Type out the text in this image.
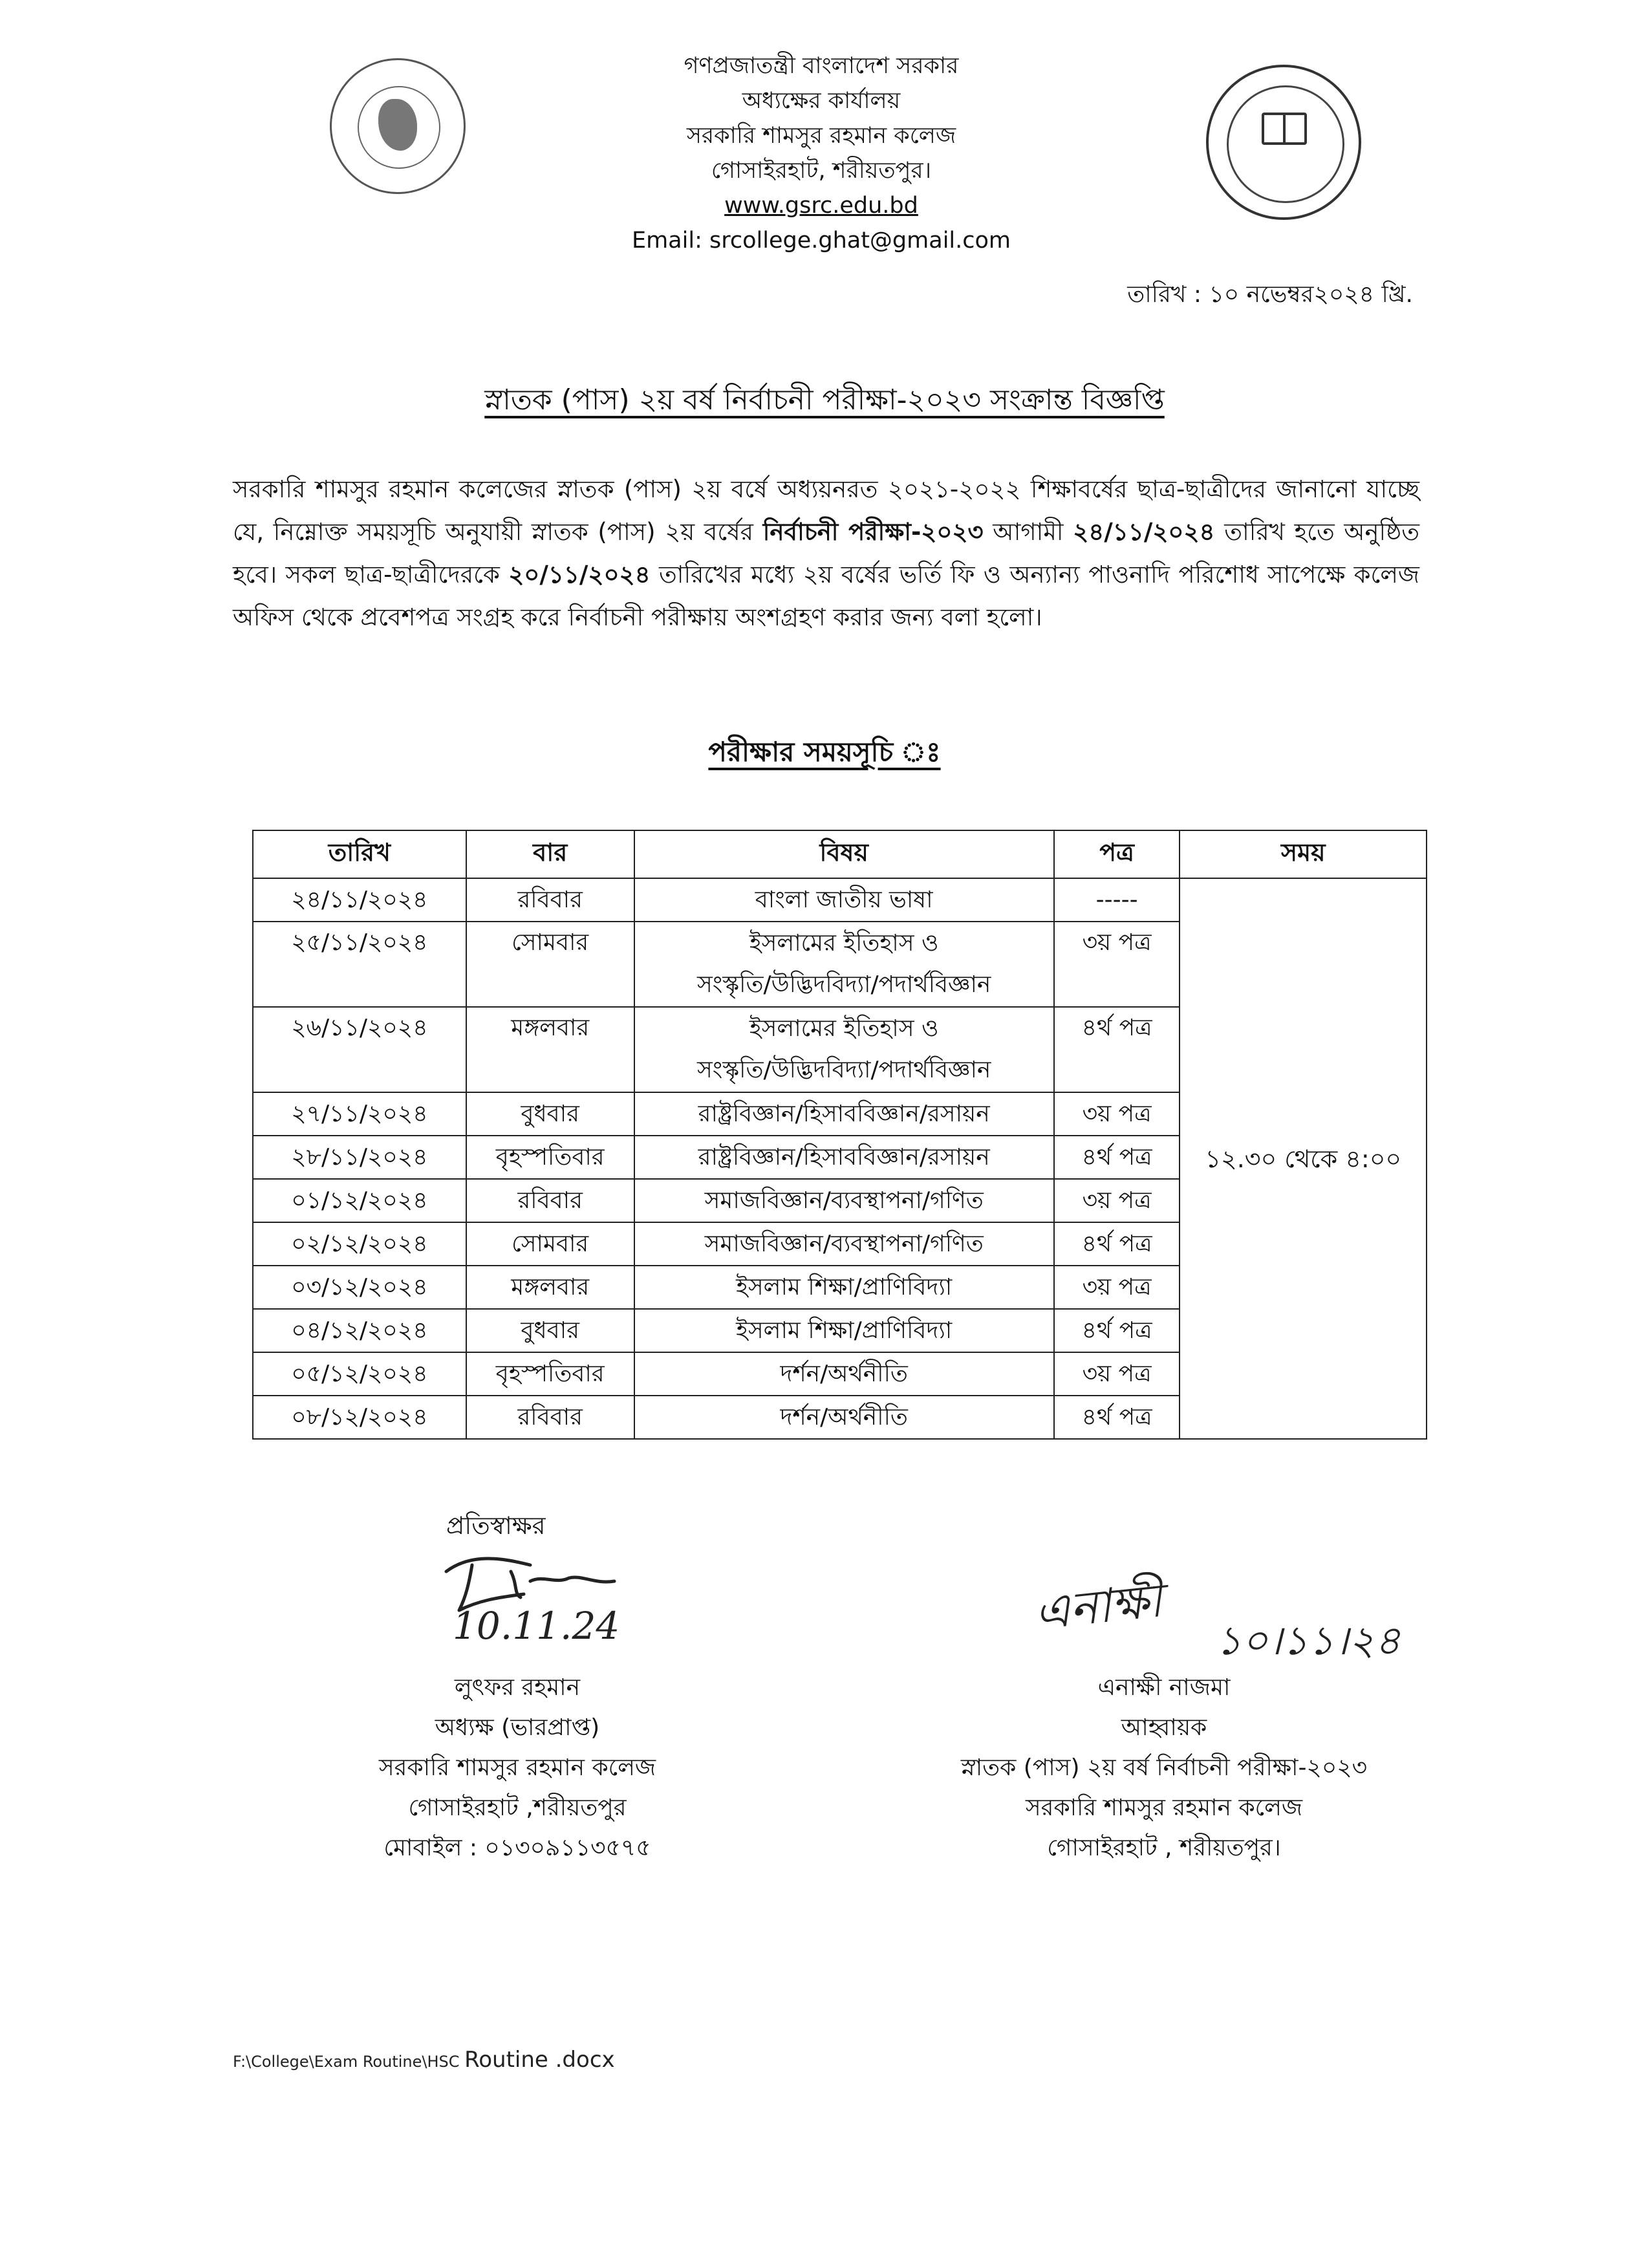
গণপ্রজাতন্ত্রী বাংলাদেশ সরকার
অধ্যক্ষের কার্যালয়
সরকারি শামসুর রহমান কলেজ
গোসাইরহাট, শরীয়তপুর।
www.gsrc.edu.bd
Email: srcollege.ghat@gmail.com
তারিখ : ১০ নভেম্বর২০২৪ খ্রি.
স্নাতক (পাস) ২য় বর্ষ নির্বাচনী পরীক্ষা-২০২৩ সংক্রান্ত বিজ্ঞপ্তি
সরকারি শামসুর রহমান কলেজের স্নাতক (পাস) ২য় বর্ষে অধ্যয়নরত ২০২১-২০২২ শিক্ষাবর্ষের ছাত্র-ছাত্রীদের জানানো যাচ্ছে যে, নিম্নোক্ত সময়সূচি অনুযায়ী স্নাতক (পাস) ২য় বর্ষের নির্বাচনী পরীক্ষা-২০২৩ আগামী ২৪/১১/২০২৪ তারিখ হতে অনুষ্ঠিত হবে। সকল ছাত্র-ছাত্রীদেরকে ২০/১১/২০২৪ তারিখের মধ্যে ২য় বর্ষের ভর্তি ফি ও অন্যান্য পাওনাদি পরিশোধ সাপেক্ষে কলেজ অফিস থেকে প্রবেশপত্র সংগ্রহ করে নির্বাচনী পরীক্ষায় অংশগ্রহণ করার জন্য বলা হলো।
পরীক্ষার সময়সূচি ঃ
তারিখ	বার	বিষয়	পত্র	সময়
২৪/১১/২০২৪	রবিবার	বাংলা জাতীয় ভাষা	-----	১২.৩০ থেকে ৪:০০
২৫/১১/২০২৪	সোমবার	ইসলামের ইতিহাস ও
সংস্কৃতি/উদ্ভিদবিদ্যা/পদার্থবিজ্ঞান	৩য় পত্র	
২৬/১১/২০২৪	মঙ্গলবার	ইসলামের ইতিহাস ও
সংস্কৃতি/উদ্ভিদবিদ্যা/পদার্থবিজ্ঞান	৪র্থ পত্র	
২৭/১১/২০২৪	বুধবার	রাষ্ট্রবিজ্ঞান/হিসাববিজ্ঞান/রসায়ন	৩য় পত্র	
২৮/১১/২০২৪	বৃহস্পতিবার	রাষ্ট্রবিজ্ঞান/হিসাববিজ্ঞান/রসায়ন	৪র্থ পত্র	
০১/১২/২০২৪	রবিবার	সমাজবিজ্ঞান/ব্যবস্থাপনা/গণিত	৩য় পত্র	
০২/১২/২০২৪	সোমবার	সমাজবিজ্ঞান/ব্যবস্থাপনা/গণিত	৪র্থ পত্র	
০৩/১২/২০২৪	মঙ্গলবার	ইসলাম শিক্ষা/প্রাণিবিদ্যা	৩য় পত্র	
০৪/১২/২০২৪	বুধবার	ইসলাম শিক্ষা/প্রাণিবিদ্যা	৪র্থ পত্র	
০৫/১২/২০২৪	বৃহস্পতিবার	দর্শন/অর্থনীতি	৩য় পত্র	
০৮/১২/২০২৪	রবিবার	দর্শন/অর্থনীতি	৪র্থ পত্র	
প্রতিস্বাক্ষর
10.11.24	এনাক্ষী
১০।১১।২৪
লুৎফর রহমান
অধ্যক্ষ (ভারপ্রাপ্ত)
সরকারি শামসুর রহমান কলেজ
গোসাইরহাট ,শরীয়তপুর
মোবাইল : ০১৩০৯১১৩৫৭৫
এনাক্ষী নাজমা
আহ্বায়ক
স্নাতক (পাস) ২য় বর্ষ নির্বাচনী পরীক্ষা-২০২৩
সরকারি শামসুর রহমান কলেজ
গোসাইরহাট , শরীয়তপুর।
F:\College\Exam Routine\HSC Routine .docx
